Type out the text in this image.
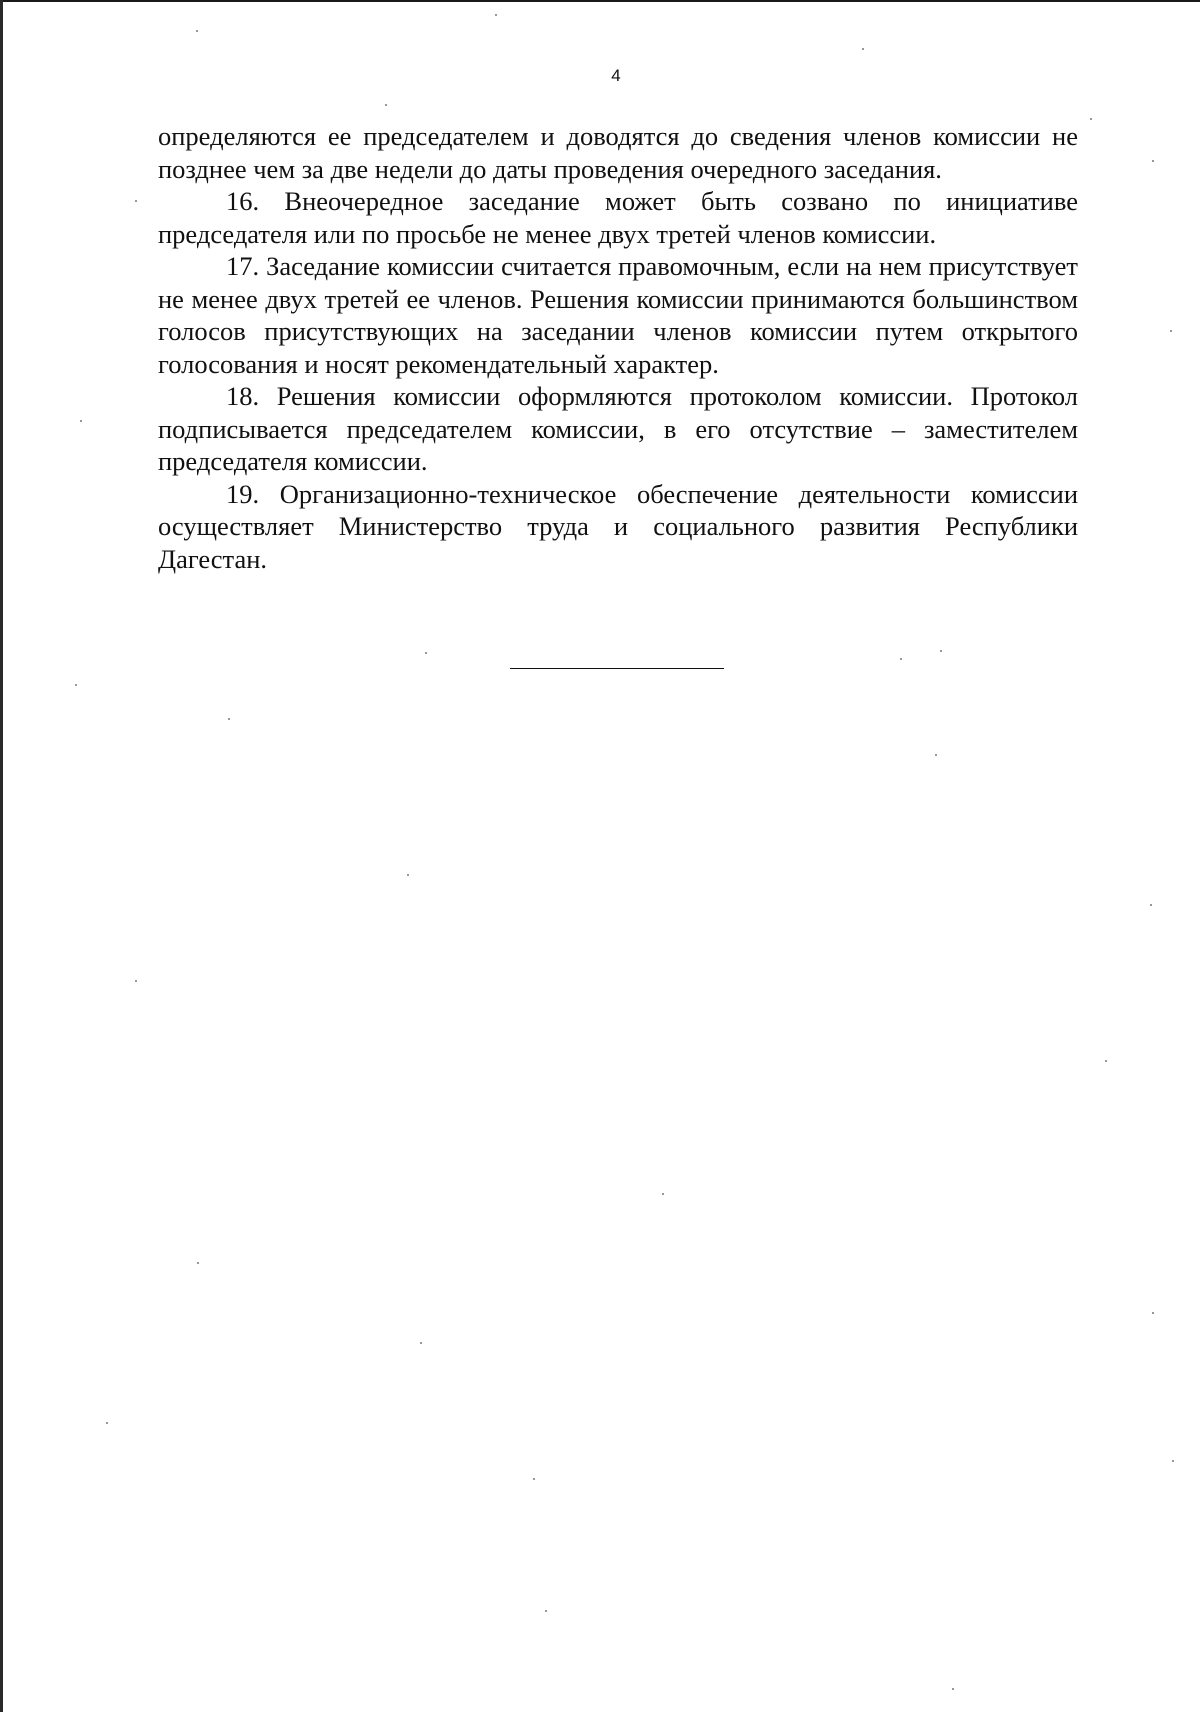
4

определяются ее председателем и доводятся до сведения членов комиссии не позднее чем за две недели до даты проведения очередного заседания.

16. Внеочередное заседание может быть созвано по инициативе председателя или по просьбе не менее двух третей членов комиссии.

17. Заседание комиссии считается правомочным, если на нем присутствует не менее двух третей ее членов. Решения комиссии принимаются большинством голосов присутствующих на заседании членов комиссии путем открытого голосования и носят рекомендательный характер.

18. Решения комиссии оформляются протоколом комиссии. Протокол подписывается председателем комиссии, в его отсутствие – заместителем председателя комиссии.

19. Организационно-техническое обеспечение деятельности комиссии осуществляет Министерство труда и социального развития Республики Дагестан.
